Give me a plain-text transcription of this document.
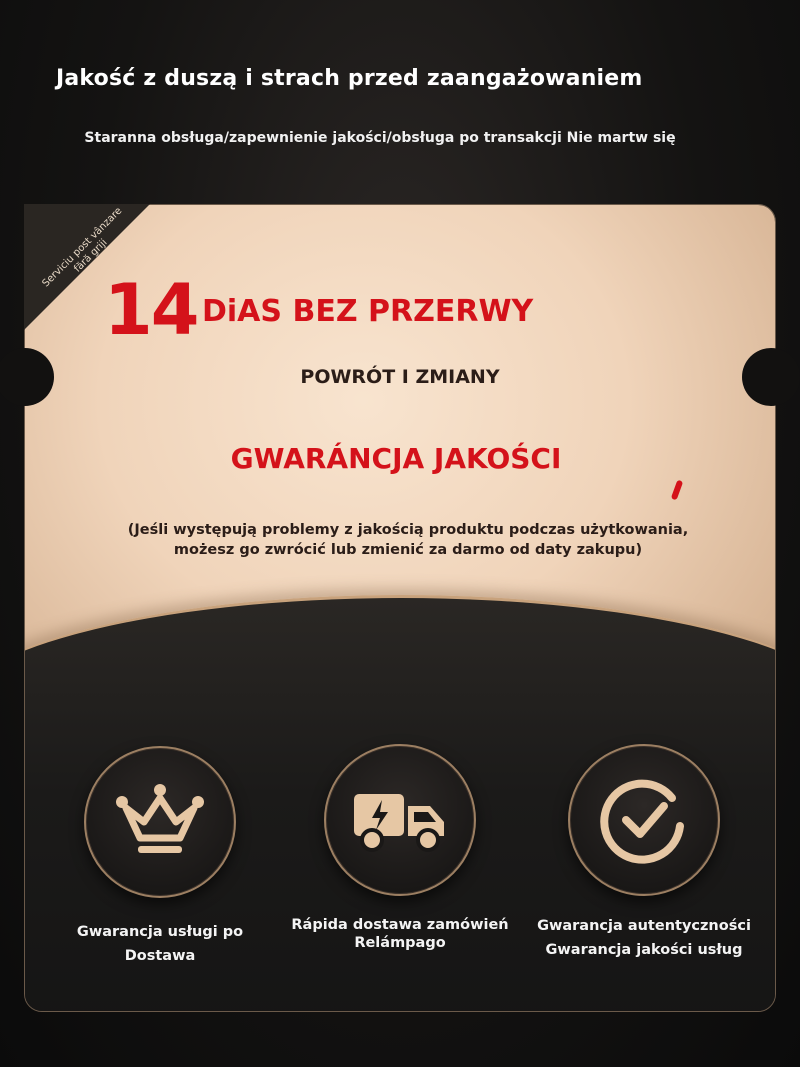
Jakość z duszą i strach przed zaangażowaniem
Staranna obsługa/zapewnienie jakości/obsługa po transakcji Nie martw się
Serviciu post vânzare fără griji
14 DiAS BEZ PRZERWY
POWRÓT I ZMIANY
GWARÁNCJA JAKOŚCI
(Jeśli występują problemy z jakością produktu podczas użytkowania,
możesz go zwrócić lub zmienić za darmo od daty zakupu)
Gwarancja usługi po
Dostawa
Rápida dostawa zamówień
Relámpago
Gwarancja autentyczności
Gwarancja jakości usług
